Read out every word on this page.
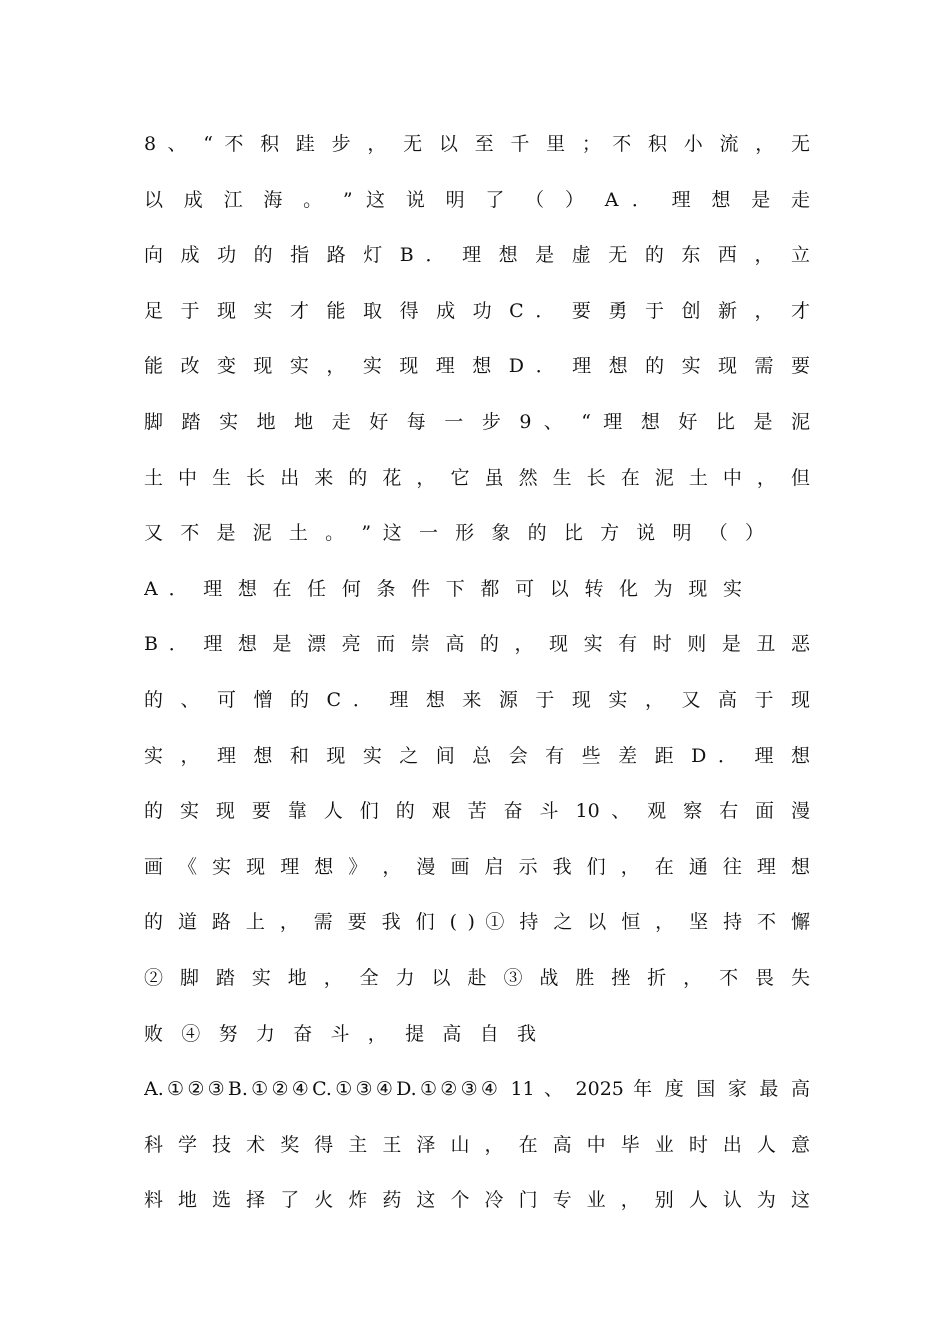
8 、 “ 不 积 跬 步 ， 无 以 至 千 里 ； 不 积 小 流 ， 无
以 成 江 海 。 ” 这 说 明 了 （ ） A ． 理 想 是 走
向 成 功 的 指 路 灯 B ． 理 想 是 虚 无 的 东 西 ， 立
足 于 现 实 才 能 取 得 成 功 C ． 要 勇 于 创 新 ， 才
能 改 变 现 实 ， 实 现 理 想 D ． 理 想 的 实 现 需 要
脚 踏 实 地 地 走 好 每 一 步 9 、 “ 理 想 好 比 是 泥
土 中 生 长 出 来 的 花 ， 它 虽 然 生 长 在 泥 土 中 ， 但
又 不 是 泥 土 。 ” 这 一 形 象 的 比 方 说 明 （ ）
A ． 理 想 在 任 何 条 件 下 都 可 以 转 化 为 现 实
B ． 理 想 是 漂 亮 而 崇 高 的 ， 现 实 有 时 则 是 丑 恶
的 、 可 憎 的 C ． 理 想 来 源 于 现 实 ， 又 高 于 现
实 ， 理 想 和 现 实 之 间 总 会 有 些 差 距 D ． 理 想
的 实 现 要 靠 人 们 的 艰 苦 奋 斗 10 、 观 察 右 面 漫
画 《 实 现 理 想 》 ， 漫 画 启 示 我 们 ， 在 通 往 理 想
的 道 路 上 ， 需 要 我 们 ( ) ① 持 之 以 恒 ， 坚 持 不 懈
② 脚 踏 实 地 ， 全 力 以 赴 ③ 战 胜 挫 折 ， 不 畏 失
败 ④ 努 力 奋 斗 ， 提 高 自 我
A.①②③B.①②④C.①③④D.①②③④ 11 、 2025 年 度 国 家 最 高
科 学 技 术 奖 得 主 王 泽 山 ， 在 高 中 毕 业 时 出 人 意
料 地 选 择 了 火 炸 药 这 个 冷 门 专 业 ， 别 人 认 为 这
